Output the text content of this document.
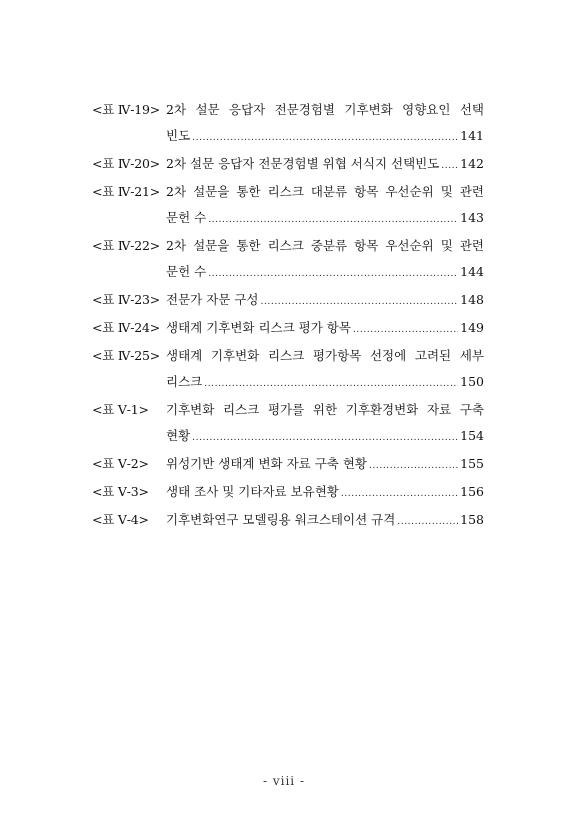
<표 Ⅳ-19> 2차 설문 응답자 전문경험별 기후변화 영향요인 선택
빈도 .....	141
<표 Ⅳ-20> 2차 설문 응답자 전문경험별 위협 서식지 선택빈도 ..... 142
<표 Ⅳ-21> 2차 설문을 통한 리스크 대분류 항목 우선순위 및 관련
문헌 수 .....	143
<표 Ⅳ-22> 2차 설문을 통한 리스크 중분류 항목 우선순위 및 관련
문헌 수 .....	144
<표 Ⅳ-23> 전문가 자문 구성 .....	148
<표 Ⅳ-24> 생태계 기후변화 리스크 평가 항목 .....	149
<표 Ⅳ-25> 생태계 기후변화 리스크 평가항목 선정에 고려된 세부
리스크 .....	150
<표 Ⅴ-1>	기후변화 리스크 평가를 위한 기후환경변화 자료 구축
현황 .....	154
<표 Ⅴ-2>	위성기반 생태계 변화 자료 구축 현황 .....	155
<표 Ⅴ-3>	생태 조사 및 기타자료 보유현황 .....	156
<표 Ⅴ-4>	기후변화연구 모델링용 워크스테이션 규격 .....	158
- viii -
